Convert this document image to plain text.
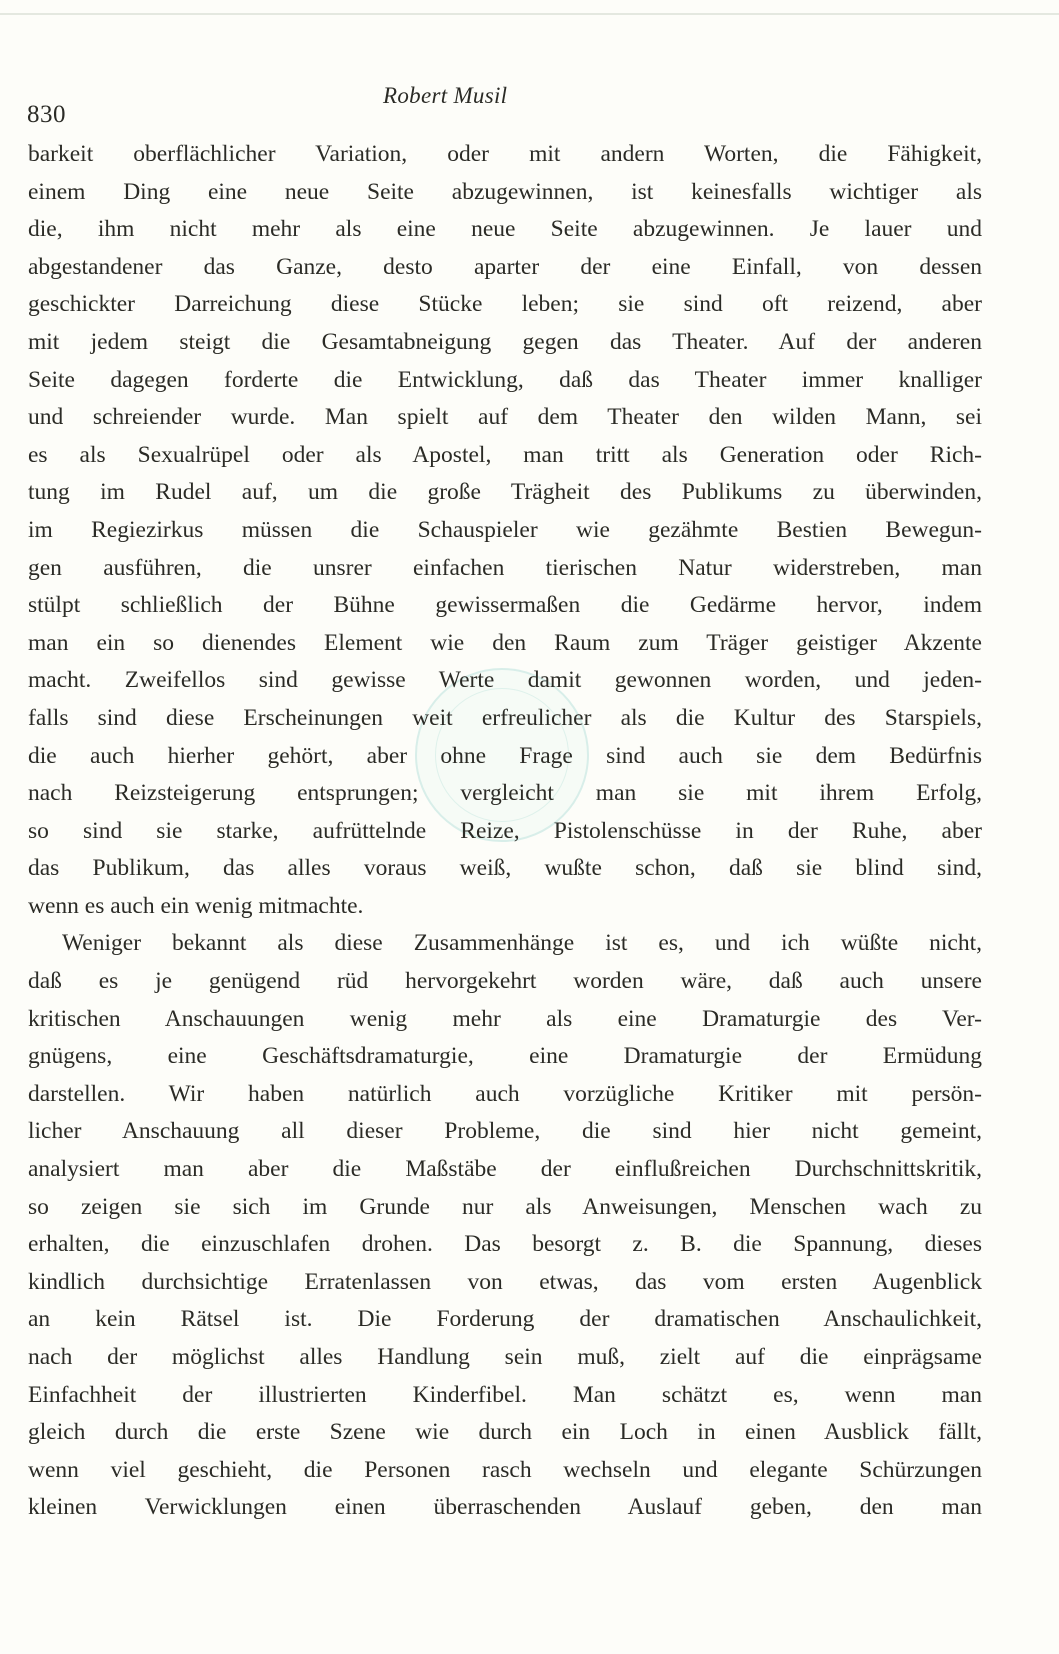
830
Robert Musil
barkeit oberflächlicher Variation, oder mit andern Worten, die Fähigkeit,
einem Ding eine neue Seite abzugewinnen, ist keinesfalls wichtiger als
die, ihm nicht mehr als eine neue Seite abzugewinnen. Je lauer und
abgestandener das Ganze, desto aparter der eine Einfall, von dessen
geschickter Darreichung diese Stücke leben; sie sind oft reizend, aber
mit jedem steigt die Gesamtabneigung gegen das Theater. Auf der anderen
Seite dagegen forderte die Entwicklung, daß das Theater immer knalliger
und schreiender wurde. Man spielt auf dem Theater den wilden Mann, sei
es als Sexualrüpel oder als Apostel, man tritt als Generation oder Rich-
tung im Rudel auf, um die große Trägheit des Publikums zu überwinden,
im Regiezirkus müssen die Schauspieler wie gezähmte Bestien Bewegun-
gen ausführen, die unsrer einfachen tierischen Natur widerstreben, man
stülpt schließlich der Bühne gewissermaßen die Gedärme hervor, indem
man ein so dienendes Element wie den Raum zum Träger geistiger Akzente
macht. Zweifellos sind gewisse Werte damit gewonnen worden, und jeden-
falls sind diese Erscheinungen weit erfreulicher als die Kultur des Starspiels,
die auch hierher gehört, aber ohne Frage sind auch sie dem Bedürfnis
nach Reizsteigerung entsprungen; vergleicht man sie mit ihrem Erfolg,
so sind sie starke, aufrüttelnde Reize, Pistolenschüsse in der Ruhe, aber
das Publikum, das alles voraus weiß, wußte schon, daß sie blind sind,
wenn es auch ein wenig mitmachte.
Weniger bekannt als diese Zusammenhänge ist es, und ich wüßte nicht,
daß es je genügend rüd hervorgekehrt worden wäre, daß auch unsere
kritischen Anschauungen wenig mehr als eine Dramaturgie des Ver-
gnügens, eine Geschäftsdramaturgie, eine Dramaturgie der Ermüdung
darstellen. Wir haben natürlich auch vorzügliche Kritiker mit persön-
licher Anschauung all dieser Probleme, die sind hier nicht gemeint,
analysiert man aber die Maßstäbe der einflußreichen Durchschnittskritik,
so zeigen sie sich im Grunde nur als Anweisungen, Menschen wach zu
erhalten, die einzuschlafen drohen. Das besorgt z. B. die Spannung, dieses
kindlich durchsichtige Erratenlassen von etwas, das vom ersten Augenblick
an kein Rätsel ist. Die Forderung der dramatischen Anschaulichkeit,
nach der möglichst alles Handlung sein muß, zielt auf die einprägsame
Einfachheit der illustrierten Kinderfibel. Man schätzt es, wenn man
gleich durch die erste Szene wie durch ein Loch in einen Ausblick fällt,
wenn viel geschieht, die Personen rasch wechseln und elegante Schürzungen
kleinen Verwicklungen einen überraschenden Auslauf geben, den man
